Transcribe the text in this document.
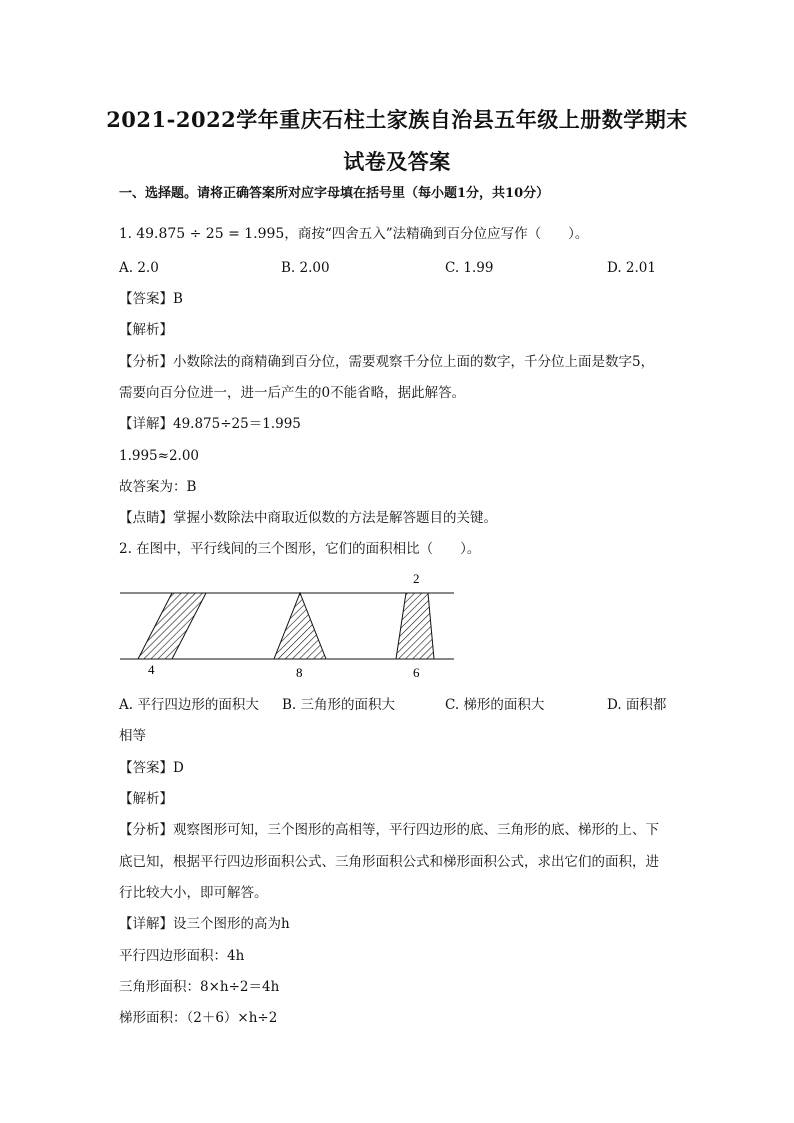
2021-2022学年重庆石柱土家族自治县五年级上册数学期末
试卷及答案
一、选择题。请将正确答案所对应字母填在括号里（每小题1分，共10分）
1. 49.875 ÷ 25 = 1.995，商按“四舍五入”法精确到百分位应写作（　　）。
A. 2.0	B. 2.00	C. 1.99	D. 2.01
【答案】B
【解析】
【分析】小数除法的商精确到百分位，需要观察千分位上面的数字，千分位上面是数字5，
需要向百分位进一，进一后产生的0不能省略，据此解答。
【详解】49.875÷25＝1.995
1.995≈2.00
故答案为：B
【点睛】掌握小数除法中商取近似数的方法是解答题目的关键。
2. 在图中，平行线间的三个图形，它们的面积相比（　　）。
4	8
2
6
A. 平行四边形的面积大 B. 三角形的面积大	C. 梯形的面积大	D. 面积都
相等
【答案】D
【解析】
【分析】观察图形可知，三个图形的高相等，平行四边形的底、三角形的底、梯形的上、下
底已知，根据平行四边形面积公式、三角形面积公式和梯形面积公式，求出它们的面积，进
行比较大小，即可解答。
【详解】设三个图形的高为h
平行四边形面积：4h
三角形面积：8×h÷2＝4h
梯形面积：（2＋6）×h÷2
